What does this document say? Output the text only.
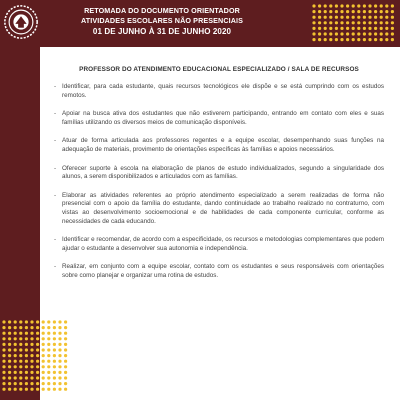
RETOMADA DO DOCUMENTO ORIENTADOR
ATIVIDADES ESCOLARES NÃO PRESENCIAIS
01 DE JUNHO À 31 DE JUNHO 2020
PROFESSOR DO ATENDIMENTO EDUCACIONAL ESPECIALIZADO / SALA DE RECURSOS
- Identificar, para cada estudante, quais recursos tecnológicos ele dispõe e se está cumprindo com os estudos remotos.
- Apoiar na busca ativa dos estudantes que não estiverem participando, entrando em contato com eles e suas famílias utilizando os diversos meios de comunicação disponíveis.
- Atuar de forma articulada aos professores regentes e a equipe escolar, desempenhando suas funções na adequação de materiais, provimento de orientações específicas às famílias e apoios necessários.
- Oferecer suporte à escola na elaboração de planos de estudo individualizados, segundo a singularidade dos alunos, a serem disponibilizados e articulados com as famílias.
- Elaborar as atividades referentes ao próprio atendimento especializado a serem realizadas de forma não presencial com o apoio da família do estudante, dando continuidade ao trabalho realizado no contraturno, com vistas ao desenvolvimento socioemocional e de habilidades de cada componente curricular, conforme as necessidades de cada educando.
- Identificar e recomendar, de acordo com a especificidade, os recursos e metodologias complementares que podem ajudar o estudante a desenvolver sua autonomia e independência.
- Realizar, em conjunto com a equipe escolar, contato com os estudantes e seus responsáveis com orientações sobre como planejar e organizar uma rotina de estudos.
